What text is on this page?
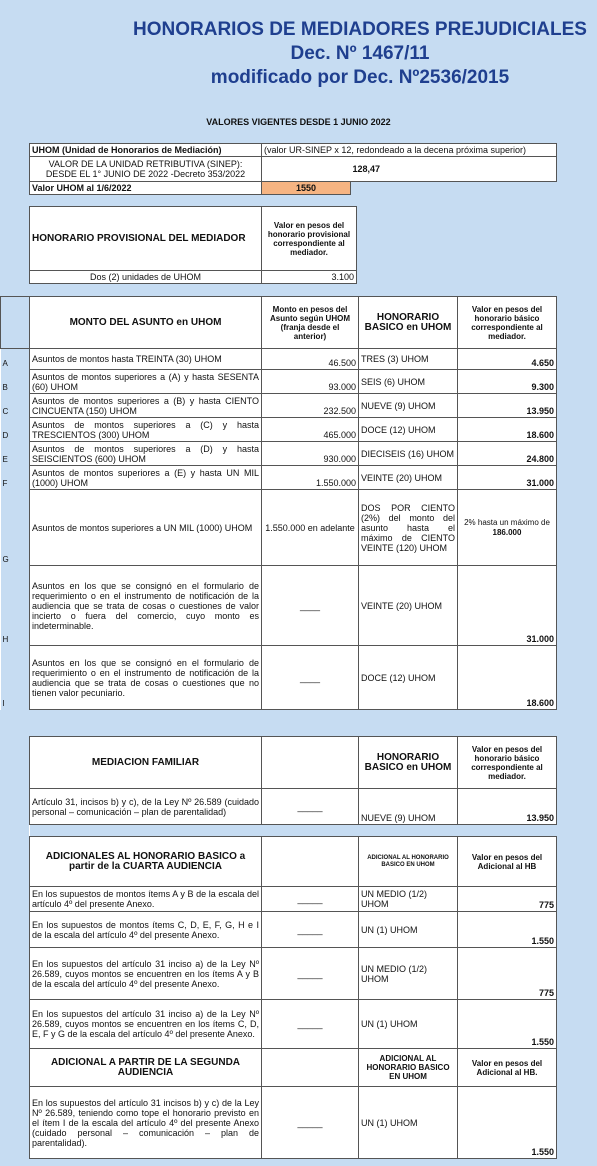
HONORARIOS DE MEDIADORES PREJUDICIALES
Dec. Nº 1467/11
modificado por Dec. Nº2536/2015
VALORES VIGENTES DESDE 1 JUNIO 2022
UHOM (Unidad de Honorarios de Mediación)	(valor UR-SINEP x 12, redondeado a la decena próxima superior)	
VALOR DE LA UNIDAD RETRIBUTIVA (SINEP): DESDE EL 1° JUNIO DE 2022 -Decreto 353/2022		128,47
Valor UHOM al 1/6/2022	1550	
HONORARIO PROVISIONAL DEL MEDIADOR	Valor en pesos del honorario provisional correspondiente al mediador.
Dos (2) unidades de UHOM	3.100
	MONTO DEL ASUNTO en UHOM	Monto en pesos del Asunto según UHOM (franja desde el anterior)	HONORARIO BASICO en UHOM	Valor en pesos del honorario básico correspondiente al mediador.
A	Asuntos de montos hasta TREINTA (30) UHOM	46.500	TRES (3) UHOM	4.650
B	Asuntos de montos superiores a (A) y hasta SESENTA (60) UHOM	93.000	SEIS (6) UHOM	9.300
C	Asuntos de montos superiores a (B) y hasta CIENTO CINCUENTA (150) UHOM	232.500	NUEVE (9) UHOM	13.950
D	Asuntos de montos superiores a (C) y hasta TRESCIENTOS (300) UHOM	465.000	DOCE (12) UHOM	18.600
E	Asuntos de montos superiores a (D) y hasta SEISCIENTOS (600) UHOM	930.000	DIECISEIS (16) UHOM	24.800
F	Asuntos de montos superiores a (E) y hasta UN MIL (1000) UHOM	1.550.000	VEINTE (20) UHOM	31.000
G	Asuntos de montos superiores a UN MIL (1000) UHOM	1.550.000 en adelante	DOS POR CIENTO (2%) del monto del asunto hasta el máximo de CIENTO VEINTE (120) UHOM	2% hasta un máximo de 186.000
H	Asuntos en los que se consignó en el formulario de requerimiento o en el instrumento de notificación de la audiencia que se trata de cosas o cuestiones de valor incierto o fuera del comercio, cuyo monto es indeterminable.	____	VEINTE (20) UHOM	31.000
I	Asuntos en los que se consignó en el formulario de requerimiento o en el instrumento de notificación de la audiencia que se trata de cosas o cuestiones que no tienen valor pecuniario.	____	DOCE (12) UHOM	18.600
MEDIACION FAMILIAR		HONORARIO BASICO en UHOM	Valor en pesos del honorario básico correspondiente al mediador.
Artículo 31, incisos b) y c), de la Ley Nº 26.589 (cuidado personal – comunicación – plan de parentalidad)	_____	NUEVE (9) UHOM	13.950

ADICIONALES AL HONORARIO BASICO a partir de la CUARTA AUDIENCIA		ADICIONAL AL HONORARIO BASICO EN UHOM	Valor en pesos del Adicional al HB
En los supuestos de montos ítems A y B de la escala del artículo 4º del presente Anexo.	_____	UN MEDIO (1/2) UHOM	775
En los supuestos de montos ítems C, D, E, F, G, H e I de la escala del artículo 4º del presente Anexo.	_____	UN (1) UHOM	1.550
En los supuestos del artículo 31 inciso a) de la Ley Nº 26.589, cuyos montos se encuentren en los ítems A y B de la escala del artículo 4º del presente Anexo.	_____	UN MEDIO (1/2) UHOM	775
En los supuestos del artículo 31 inciso a) de la Ley Nº 26.589, cuyos montos se encuentren en los ítems C, D, E, F y G de la escala del artículo 4º del presente Anexo.	_____	UN (1) UHOM	1.550
ADICIONAL A PARTIR DE LA SEGUNDA AUDIENCIA		ADICIONAL AL HONORARIO BASICO EN UHOM	Valor en pesos del Adicional al HB.
En los supuestos del artículo 31 incisos b) y c) de la Ley Nº 26.589, teniendo como tope el honorario previsto en el ítem I de la escala del artículo 4º del presente Anexo (cuidado personal – comunicación – plan de parentalidad).	_____	UN (1) UHOM	1.550
